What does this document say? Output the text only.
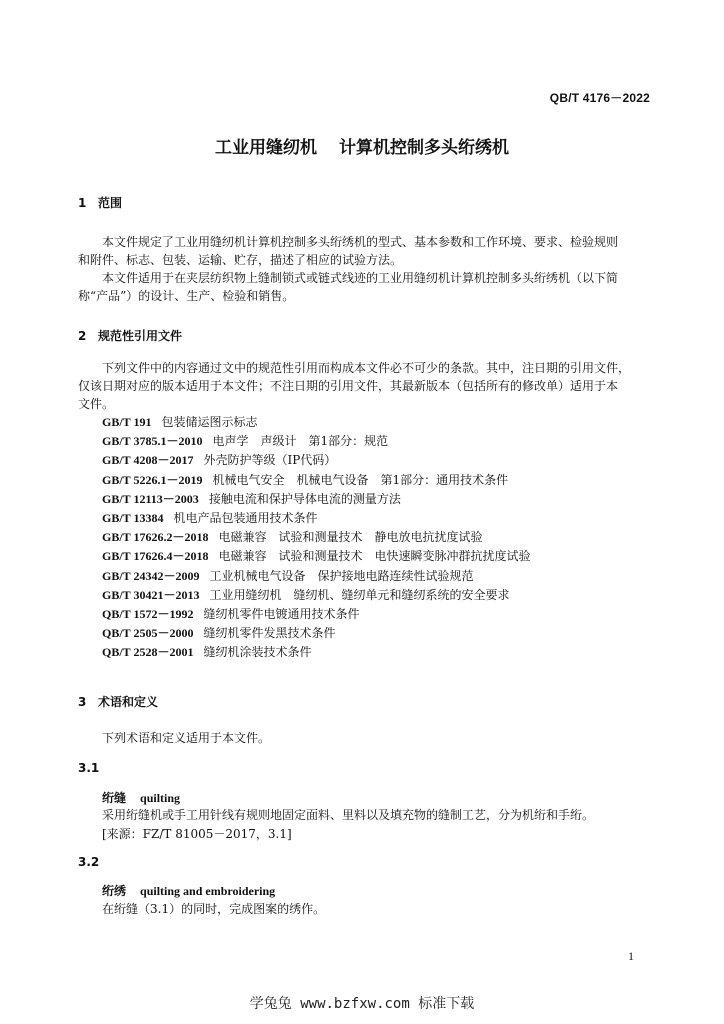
QB/T 4176－2022
工业用缝纫机 计算机控制多头绗绣机
1 范围
本文件规定了工业用缝纫机计算机控制多头绗绣机的型式、基本参数和工作环境、要求、检验规则
和附件、标志、包装、运输、贮存，描述了相应的试验方法。
本文件适用于在夹层纺织物上缝制锁式或链式线迹的工业用缝纫机计算机控制多头绗绣机（以下简
称“产品”）的设计、生产、检验和销售。
2 规范性引用文件
下列文件中的内容通过文中的规范性引用而构成本文件必不可少的条款。其中，注日期的引用文件，
仅该日期对应的版本适用于本文件；不注日期的引用文件，其最新版本（包括所有的修改单）适用于本
文件。
GB/T 191 包装储运图示标志
GB/T 3785.1－2010 电声学　声级计　第1部分：规范
GB/T 4208－2017 外壳防护等级（IP代码）
GB/T 5226.1－2019 机械电气安全　机械电气设备　第1部分：通用技术条件
GB/T 12113－2003 接触电流和保护导体电流的测量方法
GB/T 13384 机电产品包装通用技术条件
GB/T 17626.2－2018 电磁兼容　试验和测量技术　静电放电抗扰度试验
GB/T 17626.4－2018 电磁兼容　试验和测量技术　电快速瞬变脉冲群抗扰度试验
GB/T 24342－2009 工业机械电气设备　保护接地电路连续性试验规范
GB/T 30421－2013 工业用缝纫机　缝纫机、缝纫单元和缝纫系统的安全要求
QB/T 1572－1992 缝纫机零件电镀通用技术条件
QB/T 2505－2000 缝纫机零件发黑技术条件
QB/T 2528－2001 缝纫机涂装技术条件
3 术语和定义
下列术语和定义适用于本文件。
3.1
绗缝 quilting
采用绗缝机或手工用针线有规则地固定面料、里料以及填充物的缝制工艺，分为机绗和手绗。
[来源：FZ/T 81005－2017，3.1]
3.2
绗绣 quilting and embroidering
在绗缝（3.1）的同时，完成图案的绣作。
1
学兔兔 www.bzfxw.com 标准下载
